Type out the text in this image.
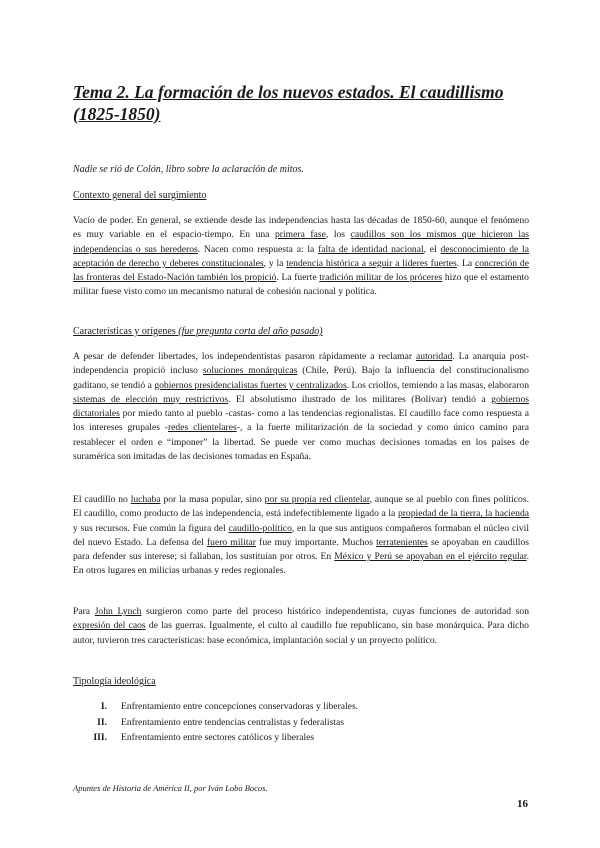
Tema 2. La formación de los nuevos estados. El caudillismo (1825-1850)

Nadie se rió de Colón, libro sobre la aclaración de mitos.

Contexto general del surgimiento

Vacío de poder. En general, se extiende desde las independencias hasta las décadas de 1850-60, aunque el fenómeno es muy variable en el espacio-tiempo. En una primera fase, los caudillos son los mismos que hicieron las independencias o sus herederos. Nacen como respuesta a: la falta de identidad nacional, el desconocimiento de la aceptación de derecho y deberes constitucionales, y la tendencia histórica a seguir a líderes fuertes. La concreción de las fronteras del Estado-Nación también los propició. La fuerte tradición militar de los próceres hizo que el estamento militar fuese visto como un mecanismo natural de cohesión nacional y política.

Características y orígenes (fue pregunta corta del año pasado)

A pesar de defender libertades, los independentistas pasaron rápidamente a reclamar autoridad. La anarquía post-independencia propició incluso soluciones monárquicas (Chile, Perú). Bajo la influencia del constitucionalismo gaditano, se tendió a gobiernos presidencialistas fuertes y centralizados. Los criollos, temiendo a las masas, elaboraron sistemas de elección muy restrictivos. El absolutismo ilustrado de los militares (Bolívar) tendió a gobiernos dictatoriales por miedo tanto al pueblo -castas- como a las tendencias regionalistas. El caudillo face como respuesta a los intereses grupales -redes clientelares-, a la fuerte militarización de la sociedad y como único camino para restablecer el orden e “imponer” la libertad. Se puede ver como muchas decisiones tomadas en los países de suramérica son imitadas de las decisiones tomadas en España.

El caudillo no luchaba por la masa popular, sino por su propia red clientelar, aunque se al pueblo con fines políticos. El caudillo, como producto de las independencia, está indefectiblemente ligado a la propiedad de la tierra, la hacienda y sus recursos. Fue común la figura del caudillo-político, en la que sus antiguos compañeros formaban el núcleo civil del nuevo Estado. La defensa del fuero militar fue muy importante. Muchos terratenientes se apoyaban en caudillos para defender sus interese; si fallaban, los sustituían por otros. En México y Perú se apoyaban en el ejército regular. En otros lugares en milicias urbanas y redes regionales.

Para John Lynch surgieron como parte del proceso histórico independentista, cuyas funciones de autoridad son expresión del caos de las guerras. Igualmente, el culto al caudillo fue republicano, sin base monárquica. Para dicho autor, tuvieron tres características: base económica, implantación social y un proyecto político.

Tipología ideológica

I.	Enfrentamiento entre concepciones conservadoras y liberales.
II.	Enfrentamiento entre tendencias centralistas y federalistas
III.	Enfrentamiento entre sectores católicos y liberales

Apuntes de Historia de América II, por Iván Lobo Bocos.

16
